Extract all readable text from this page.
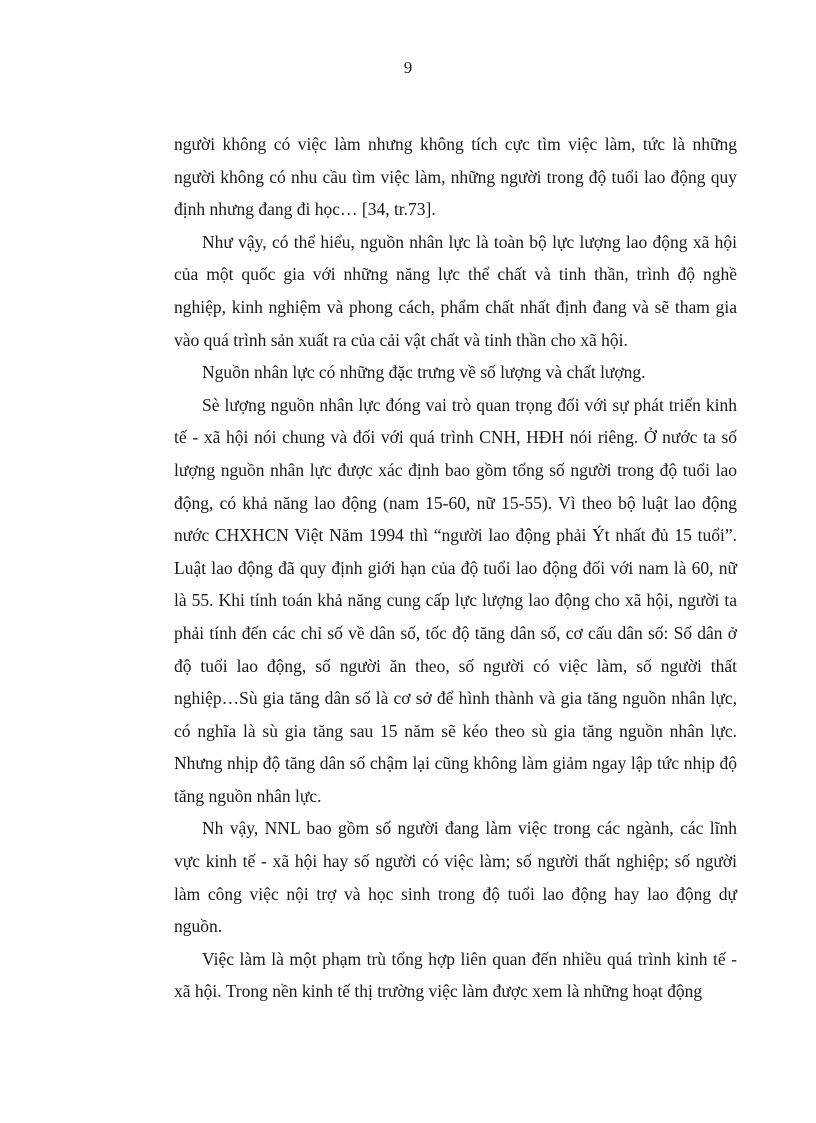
9

người không có việc làm nhưng không tích cực tìm việc làm, tức là những người không có nhu cầu tìm việc làm, những người trong độ tuổi lao động quy định nhưng đang đi học… [34, tr.73].

Như vậy, có thể hiểu, nguồn nhân lực là toàn bộ lực lượng lao động xã hội của một quốc gia với những năng lực thể chất và tinh thần, trình độ nghề nghiệp, kinh nghiệm và phong cách, phẩm chất nhất định đang và sẽ tham gia vào quá trình sản xuất ra của cải vật chất và tinh thần cho xã hội.

Nguồn nhân lực có những đặc trưng về số lượng và chất lượng.

Sè lượng nguồn nhân lực đóng vai trò quan trọng đối với sự phát triển kinh tế - xã hội nói chung và đối với quá trình CNH, HĐH nói riêng. Ở nước ta số lượng nguồn nhân lực được xác định bao gồm tổng số người trong độ tuổi lao động, có khả năng lao động (nam 15-60, nữ 15-55). Vì theo bộ luật lao động nước CHXHCN Việt Năm 1994 thì “người lao động phải Ýt nhất đủ 15 tuổi”. Luật lao động đã quy định giới hạn của độ tuổi lao động đối với nam là 60, nữ là 55. Khi tính toán khả năng cung cấp lực lượng lao động cho xã hội, người ta phải tính đến các chỉ số về dân số, tốc độ tăng dân số, cơ cấu dân số: Số dân ở độ tuổi lao động, số người ăn theo, số người có việc làm, số người thất nghiệp…Sù gia tăng dân số là cơ sở để hình thành và gia tăng nguồn nhân lực, có nghĩa là sù gia tăng sau 15 năm sẽ kéo theo sù gia tăng nguồn nhân lực. Nhưng nhịp độ tăng dân số chậm lại cũng không làm giảm ngay lập tức nhịp độ tăng nguồn nhân lực.

Nh vậy, NNL bao gồm số người đang làm việc trong các ngành, các lĩnh vực kinh tế - xã hội hay số người có việc làm; số người thất nghiệp; số người làm công việc nội trợ và học sinh trong độ tuổi lao động hay lao động dự nguồn.

Việc làm là một phạm trù tổng hợp liên quan đến nhiều quá trình kinh tế - xã hội. Trong nền kinh tế thị trường việc làm được xem là những hoạt động
